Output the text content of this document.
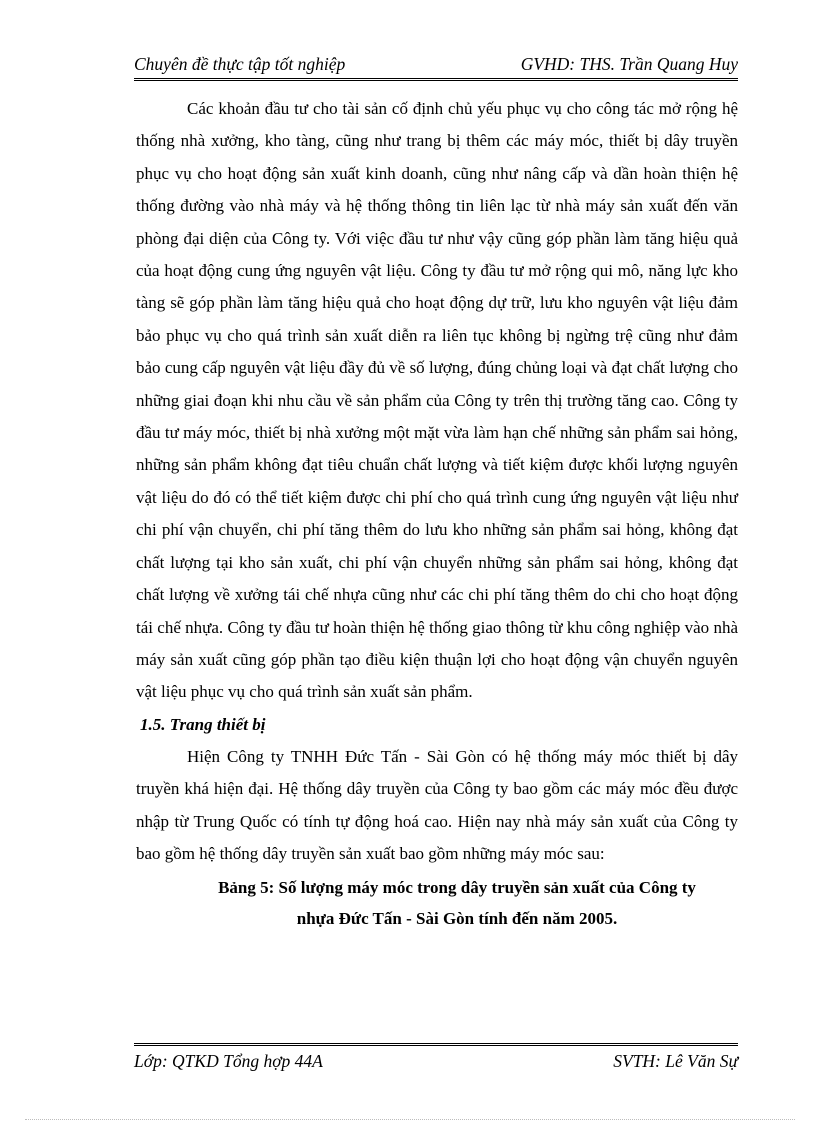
Chuyên đề thực tập tốt nghiệp	GVHD: THS. Trần Quang Huy

Các khoản đầu tư cho tài sản cố định chủ yếu phục vụ cho công tác mở rộng hệ thống nhà xưởng, kho tàng, cũng như trang bị thêm các máy móc, thiết bị dây truyền phục vụ cho hoạt động sản xuất kinh doanh, cũng như nâng cấp và dần hoàn thiện hệ thống đường vào nhà máy và hệ thống thông tin liên lạc từ nhà máy sản xuất đến văn phòng đại diện của Công ty. Với việc đầu tư như vậy cũng góp phần làm tăng hiệu quả của hoạt động cung ứng nguyên vật liệu. Công ty đầu tư mở rộng qui mô, năng lực kho tàng sẽ góp phần làm tăng hiệu quả cho hoạt động dự trữ, lưu kho nguyên vật liệu đảm bảo phục vụ cho quá trình sản xuất diễn ra liên tục không bị ngừng trệ cũng như đảm bảo cung cấp nguyên vật liệu đầy đủ về số lượng, đúng chủng loại và đạt chất lượng cho những giai đoạn khi nhu cầu về sản phẩm của Công ty trên thị trường tăng cao. Công ty đầu tư máy móc, thiết bị nhà xưởng một mặt vừa làm hạn chế những sản phẩm sai hỏng, những sản phẩm không đạt tiêu chuẩn chất lượng và tiết kiệm được khối lượng nguyên vật liệu do đó có thể tiết kiệm được chi phí cho quá trình cung ứng nguyên vật liệu như chi phí vận chuyển, chi phí tăng thêm do lưu kho những sản phẩm sai hỏng, không đạt chất lượng tại kho sản xuất, chi phí vận chuyển những sản phẩm sai hỏng, không đạt chất lượng về xưởng tái chế nhựa cũng như các chi phí tăng thêm do chi cho hoạt động tái chế nhựa. Công ty đầu tư hoàn thiện hệ thống giao thông từ khu công nghiệp vào nhà máy sản xuất cũng góp phần tạo điều kiện thuận lợi cho hoạt động vận chuyển nguyên vật liệu phục vụ cho quá trình sản xuất sản phẩm.

1.5. Trang thiết bị

Hiện Công ty TNHH Đức Tấn - Sài Gòn có hệ thống máy móc thiết bị dây truyền khá hiện đại. Hệ thống dây truyền của Công ty bao gồm các máy móc đều được nhập từ Trung Quốc có tính tự động hoá cao. Hiện nay nhà máy sản xuất của Công ty bao gồm hệ thống dây truyền sản xuất bao gồm những máy móc sau:

Bảng 5: Số lượng máy móc trong dây truyền sản xuất của Công ty
nhựa Đức Tấn - Sài Gòn tính đến năm 2005.
Lớp: QTKD Tổng hợp 44A	SVTH: Lê Văn Sự
